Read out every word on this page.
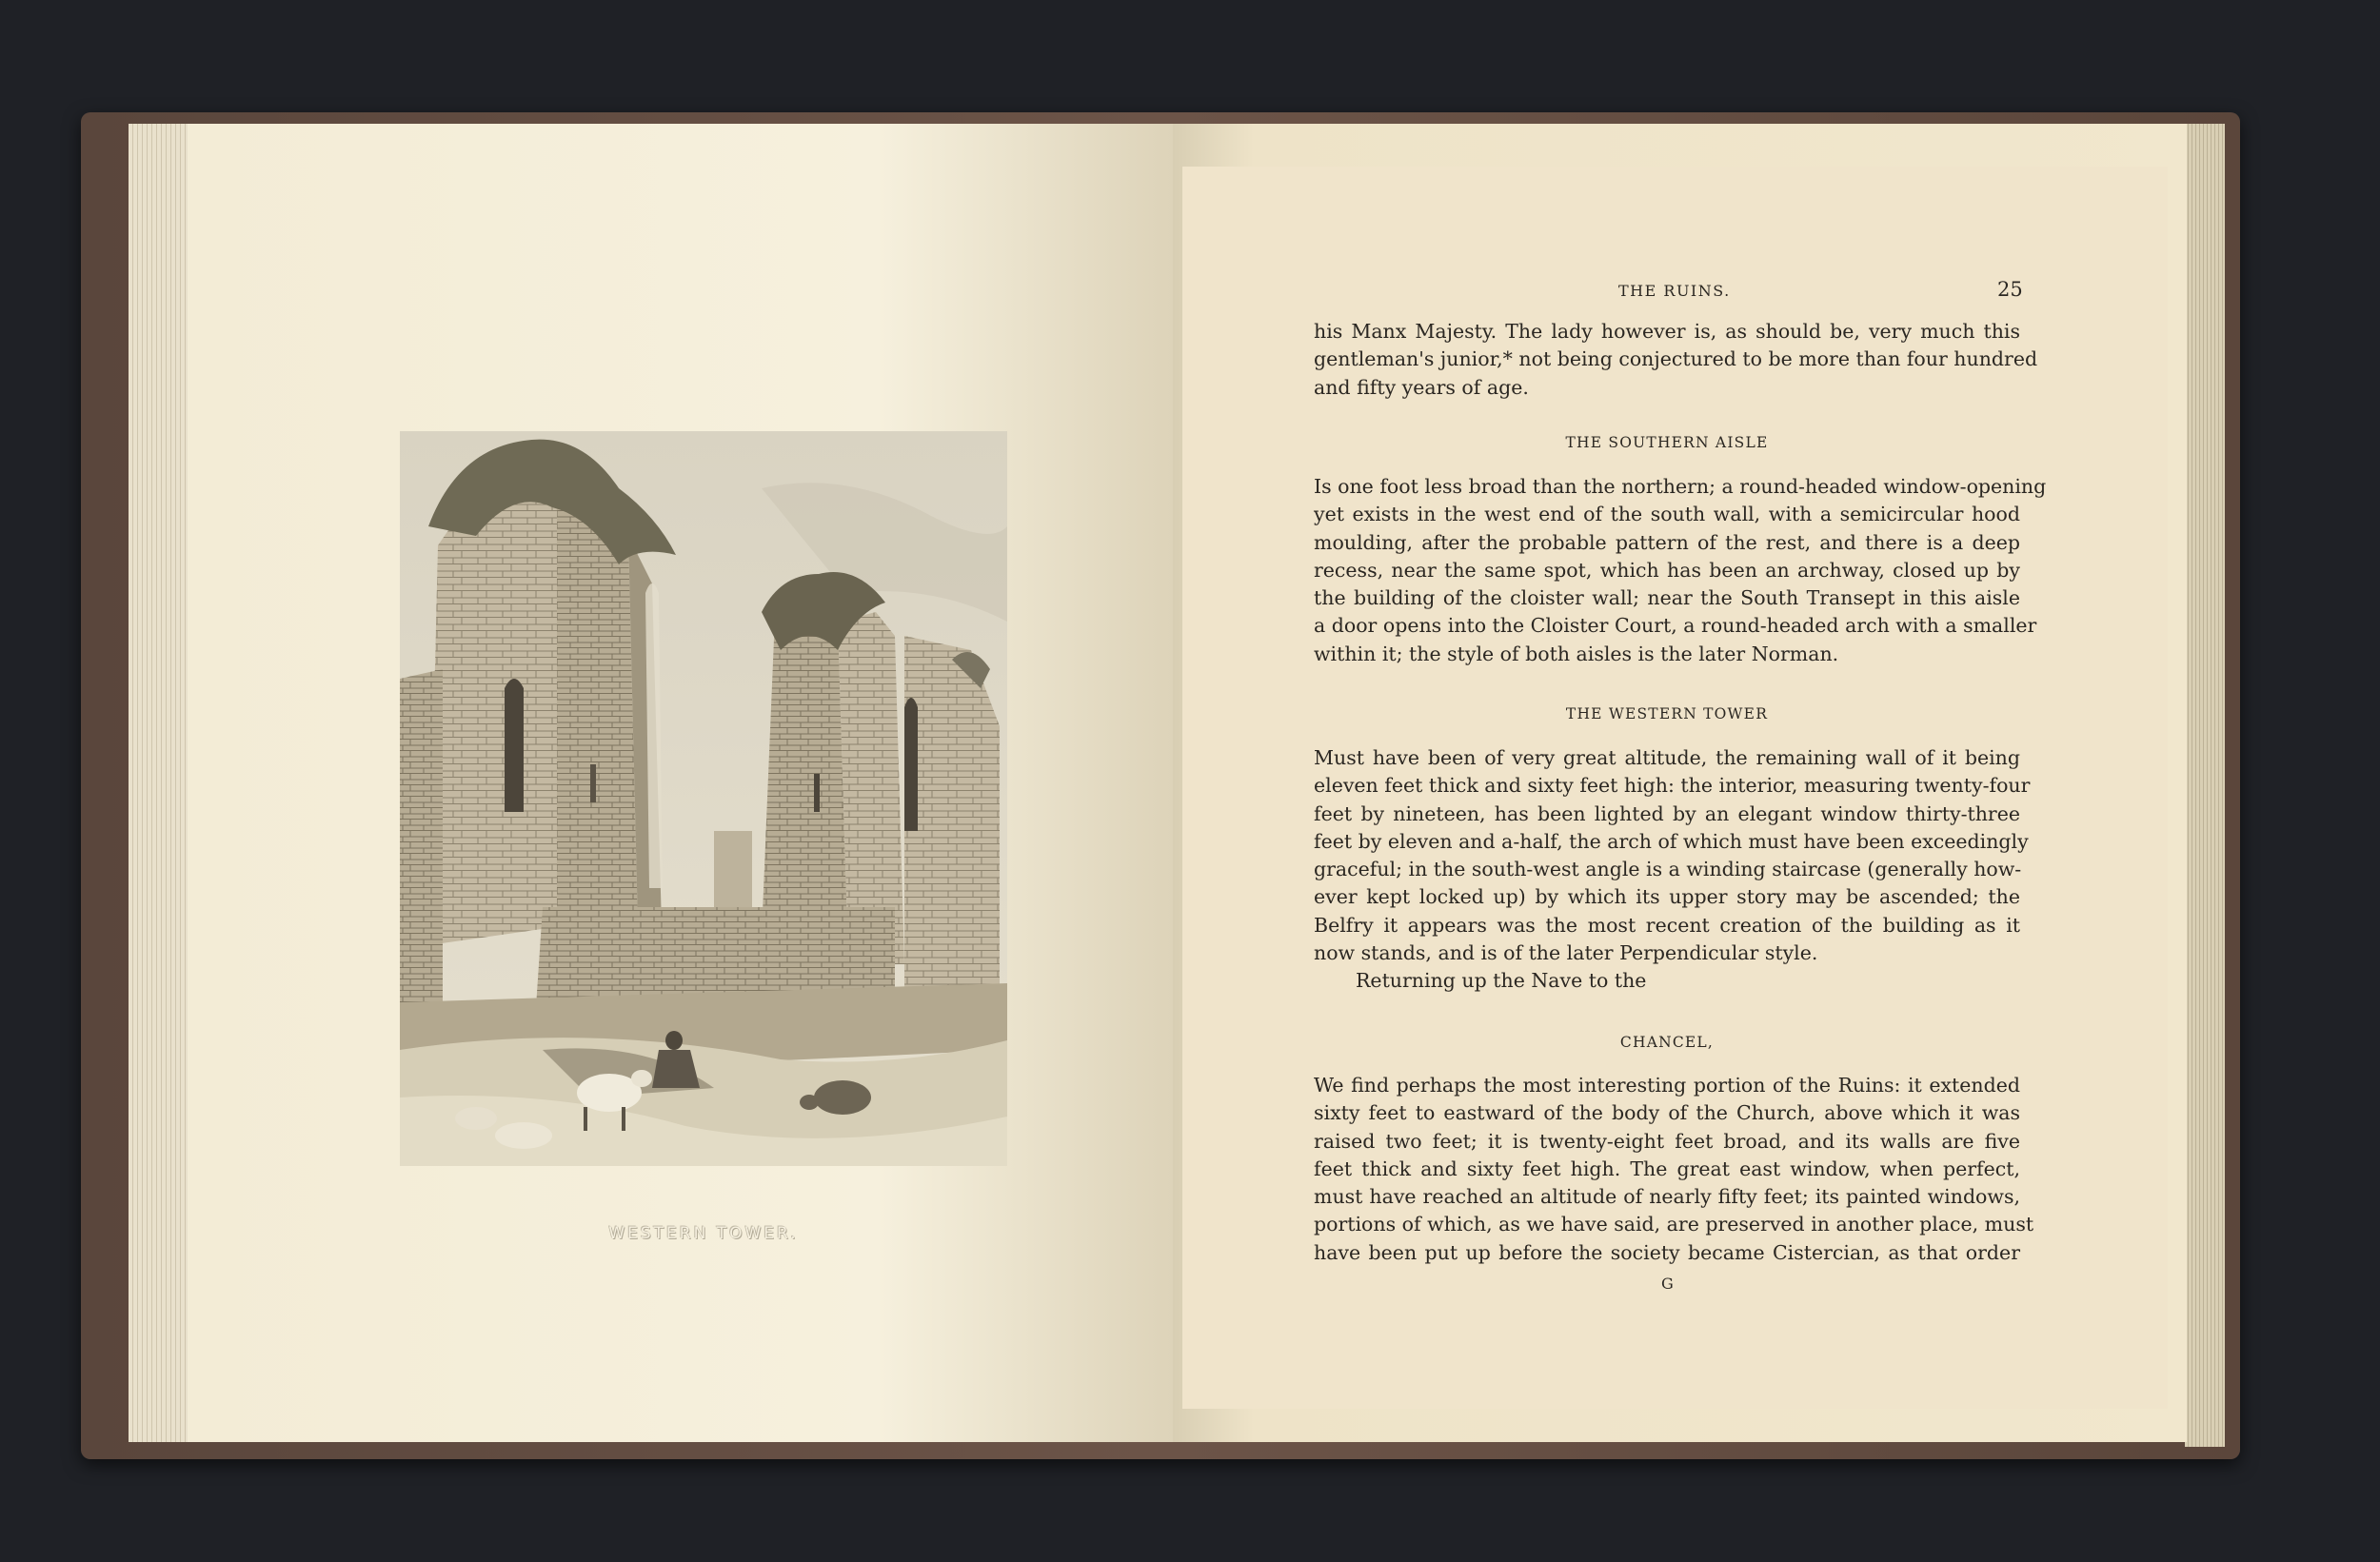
WESTERN TOWER.
THE RUINS.	25

his Manx Majesty. The lady however is, as should be, very much this
gentleman's junior,* not being conjectured to be more than four hundred
and fifty years of age.

THE SOUTHERN AISLE

Is one foot less broad than the northern; a round-headed window-opening
yet exists in the west end of the south wall, with a semicircular hood
moulding, after the probable pattern of the rest, and there is a deep
recess, near the same spot, which has been an archway, closed up by
the building of the cloister wall; near the South Transept in this aisle
a door opens into the Cloister Court, a round-headed arch with a smaller
within it; the style of both aisles is the later Norman.

THE WESTERN TOWER

Must have been of very great altitude, the remaining wall of it being
eleven feet thick and sixty feet high: the interior, measuring twenty-four
feet by nineteen, has been lighted by an elegant window thirty-three
feet by eleven and a-half, the arch of which must have been exceedingly
graceful; in the south-west angle is a winding staircase (generally how-
ever kept locked up) by which its upper story may be ascended; the
Belfry it appears was the most recent creation of the building as it
now stands, and is of the later Perpendicular style.
Returning up the Nave to the

CHANCEL,

We find perhaps the most interesting portion of the Ruins: it extended
sixty feet to eastward of the body of the Church, above which it was
raised two feet; it is twenty-eight feet broad, and its walls are five
feet thick and sixty feet high. The great east window, when perfect,
must have reached an altitude of nearly fifty feet; its painted windows,
portions of which, as we have said, are preserved in another place, must
have been put up before the society became Cistercian, as that order

G
